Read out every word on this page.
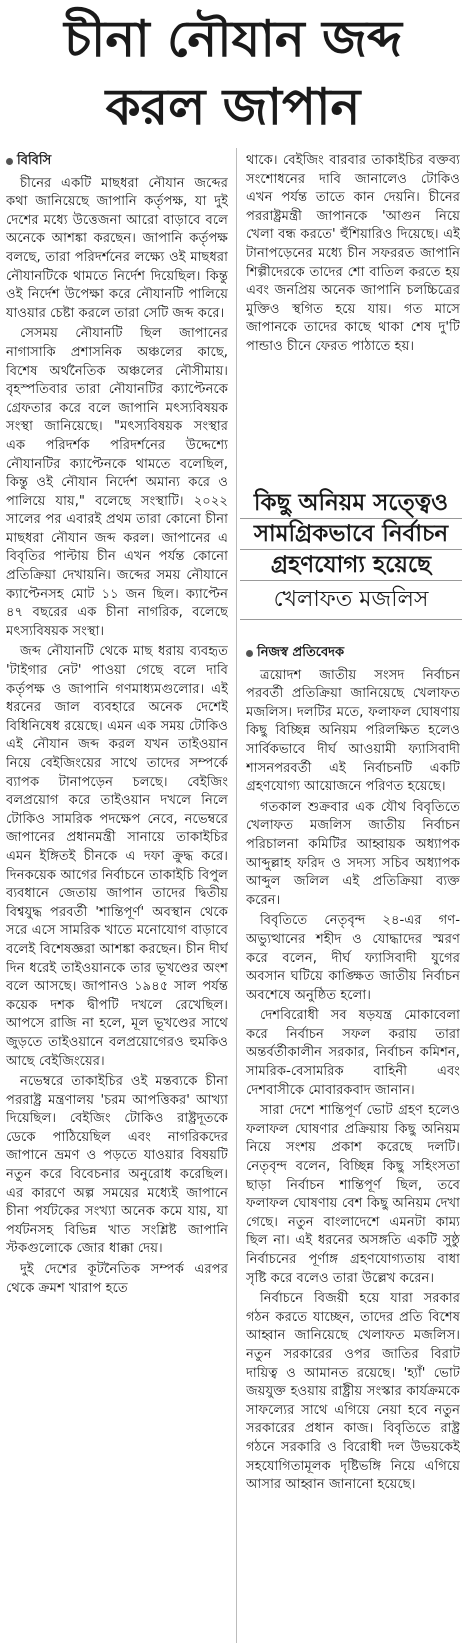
চীনা নৌযান জব্দ
করল জাপান
বিবিসি

চীনের একটি মাছধরা নৌযান জব্দের কথা জানিয়েছে জাপানি কর্তৃপক্ষ, যা দুই দেশের মধ্যে উত্তেজনা আরো বাড়াবে বলে অনেকে আশঙ্কা করছেন। জাপানি কর্তৃপক্ষ বলছে, তারা পরিদর্শনের লক্ষ্যে ওই মাছধরা নৌযানটিকে থামতে নির্দেশ দিয়েছিল। কিন্তু ওই নির্দেশ উপেক্ষা করে নৌযানটি পালিয়ে যাওয়ার চেষ্টা করলে তারা সেটি জব্দ করে।

সেসময় নৌযানটি ছিল জাপানের নাগাসাকি প্রশাসনিক অঞ্চলের কাছে, বিশেষ অর্থনৈতিক অঞ্চলের নৌসীমায়। বৃহস্পতিবার তারা নৌযানটির ক্যাপ্টেনকে গ্রেফতার করে বলে জাপানি মৎস্যবিষয়ক সংস্থা জানিয়েছে। "মৎস্যবিষয়ক সংস্থার এক পরিদর্শক পরিদর্শনের উদ্দেশ্যে নৌযানটির ক্যাপ্টেনকে থামতে বলেছিল, কিন্তু ওই নৌযান নির্দেশ অমান্য করে ও পালিয়ে যায়," বলেছে সংস্থাটি। ২০২২ সালের পর এবারই প্রথম তারা কোনো চীনা মাছধরা নৌযান জব্দ করল। জাপানের এ বিবৃতির পাল্টায় চীন এখন পর্যন্ত কোনো প্রতিক্রিয়া দেখায়নি। জব্দের সময় নৌযানে ক্যাপ্টেনসহ মোট ১১ জন ছিল। ক্যাপ্টেন ৪৭ বছরের এক চীনা নাগরিক, বলেছে মৎস্যবিষয়ক সংস্থা।

জব্দ নৌযানটি থেকে মাছ ধরায় ব্যবহৃত 'টাইগার নেট' পাওয়া গেছে বলে দাবি কর্তৃপক্ষ ও জাপানি গণমাধ্যমগুলোর। এই ধরনের জাল ব্যবহারে অনেক দেশেই বিধিনিষেধ রয়েছে। এমন এক সময় টোকিও এই নৌযান জব্দ করল যখন তাইওয়ান নিয়ে বেইজিংয়ের সাথে তাদের সম্পর্কে ব্যাপক টানাপড়েন চলছে। বেইজিং বলপ্রয়োগ করে তাইওয়ান দখলে নিলে টোকিও সামরিক পদক্ষেপ নেবে, নভেম্বরে জাপানের প্রধানমন্ত্রী সানায়ে তাকাইচির এমন ইঙ্গিতই চীনকে এ দফা ক্রুদ্ধ করে। দিনকয়েক আগের নির্বাচনে তাকাইচি বিপুল ব্যবধানে জেতায় জাপান তাদের দ্বিতীয় বিশ্বযুদ্ধ পরবর্তী 'শান্তিপূর্ণ' অবস্থান থেকে সরে এসে সামরিক খাতে মনোযোগ বাড়াবে বলেই বিশেষজ্ঞরা আশঙ্কা করছেন। চীন দীর্ঘ দিন ধরেই তাইওয়ানকে তার ভূখণ্ডের অংশ বলে আসছে। জাপানও ১৯৪৫ সাল পর্যন্ত কয়েক দশক দ্বীপটি দখলে রেখেছিল। আপসে রাজি না হলে, মূল ভূখণ্ডের সাথে জুড়তে তাইওয়ানে বলপ্রয়োগেরও হুমকিও আছে বেইজিংয়ের।

নভেম্বরে তাকাইচির ওই মন্তব্যকে চীনা পররাষ্ট্র মন্ত্রণালয় 'চরম আপত্তিকর' আখ্যা দিয়েছিল। বেইজিং টোকিও রাষ্ট্রদূতকে ডেকে পাঠিয়েছিল এবং নাগরিকদের জাপানে ভ্রমণ ও পড়তে যাওয়ার বিষয়টি নতুন করে বিবেচনার অনুরোধ করেছিল। এর কারণে অল্প সময়ের মধ্যেই জাপানে চীনা পর্যটকের সংখ্যা অনেক কমে যায়, যা পর্যটনসহ বিভিন্ন খাত সংশ্লিষ্ট জাপানি স্টকগুলোকে জোর ধাক্কা দেয়।

দুই দেশের কূটনৈতিক সম্পর্ক এরপর থেকে ক্রমশ খারাপ হতে

থাকে। বেইজিং বারবার তাকাইচির বক্তব্য সংশোধনের দাবি জানালেও টোকিও এখন পর্যন্ত তাতে কান দেয়নি। চীনের পররাষ্ট্রমন্ত্রী জাপানকে 'আগুন নিয়ে খেলা বন্ধ করতে' হুঁশিয়ারিও দিয়েছে। এই টানাপড়েনের মধ্যে চীন সফররত জাপানি শিল্পীদেরকে তাদের শো বাতিল করতে হয় এবং জনপ্রিয় অনেক জাপানি চলচ্চিত্রের মুক্তিও স্থগিত হয়ে যায়। গত মাসে জাপানকে তাদের কাছে থাকা শেষ দু'টি পান্ডাও চীনে ফেরত পাঠাতে হয়।

কিছু অনিয়ম সত্ত্বেও
সামগ্রিকভাবে নির্বাচন
গ্রহণযোগ্য হয়েছে
খেলাফত মজলিস
নিজস্ব প্রতিবেদক

ত্রয়োদশ জাতীয় সংসদ নির্বাচন পরবর্তী প্রতিক্রিয়া জানিয়েছে খেলাফত মজলিস। দলটির মতে, ফলাফল ঘোষণায় কিছু বিচ্ছিন্ন অনিয়ম পরিলক্ষিত হলেও সার্বিকভাবে দীর্ঘ আওয়ামী ফ্যাসিবাদী শাসনপরবর্তী এই নির্বাচনটি একটি গ্রহণযোগ্য আয়োজনে পরিণত হয়েছে।

গতকাল শুক্রবার এক যৌথ বিবৃতিতে খেলাফত মজলিস জাতীয় নির্বাচন পরিচালনা কমিটির আহ্বায়ক অধ্যাপক আব্দুল্লাহ ফরিদ ও সদস্য সচিব অধ্যাপক আব্দুল জলিল এই প্রতিক্রিয়া ব্যক্ত করেন।

বিবৃতিতে নেতৃবৃন্দ ২৪-এর গণ-অভ্যুত্থানের শহীদ ও যোদ্ধাদের স্মরণ করে বলেন, দীর্ঘ ফ্যাসিবাদী যুগের অবসান ঘটিয়ে কাঙ্ক্ষিত জাতীয় নির্বাচন অবশেষে অনুষ্ঠিত হলো।

দেশবিরোধী সব ষড়যন্ত্র মোকাবেলা করে নির্বাচন সফল করায় তারা অন্তর্বর্তীকালীন সরকার, নির্বাচন কমিশন, সামরিক-বেসামরিক বাহিনী এবং দেশবাসীকে মোবারকবাদ জানান।

সারা দেশে শান্তিপূর্ণ ভোট গ্রহণ হলেও ফলাফল ঘোষণার প্রক্রিয়ায় কিছু অনিয়ম নিয়ে সংশয় প্রকাশ করেছে দলটি। নেতৃবৃন্দ বলেন, বিচ্ছিন্ন কিছু সহিংসতা ছাড়া নির্বাচন শান্তিপূর্ণ ছিল, তবে ফলাফল ঘোষণায় বেশ কিছু অনিয়ম দেখা গেছে। নতুন বাংলাদেশে এমনটা কাম্য ছিল না। এই ধরনের অসঙ্গতি একটি সুষ্ঠু নির্বাচনের পূর্ণাঙ্গ গ্রহণযোগ্যতায় বাধা সৃষ্টি করে বলেও তারা উল্লেখ করেন।

নির্বাচনে বিজয়ী হয়ে যারা সরকার গঠন করতে যাচ্ছেন, তাদের প্রতি বিশেষ আহ্বান জানিয়েছে খেলাফত মজলিস। নতুন সরকারের ওপর জাতির বিরাট দায়িত্ব ও আমানত রয়েছে। 'হ্যাঁ' ভোট জয়যুক্ত হওয়ায় রাষ্ট্রীয় সংস্কার কার্যক্রমকে সাফল্যের সাথে এগিয়ে নেয়া হবে নতুন সরকারের প্রধান কাজ। বিবৃতিতে রাষ্ট্র গঠনে সরকারি ও বিরোধী দল উভয়কেই সহযোগিতামূলক দৃষ্টিভঙ্গি নিয়ে এগিয়ে আসার আহ্বান জানানো হয়েছে।
